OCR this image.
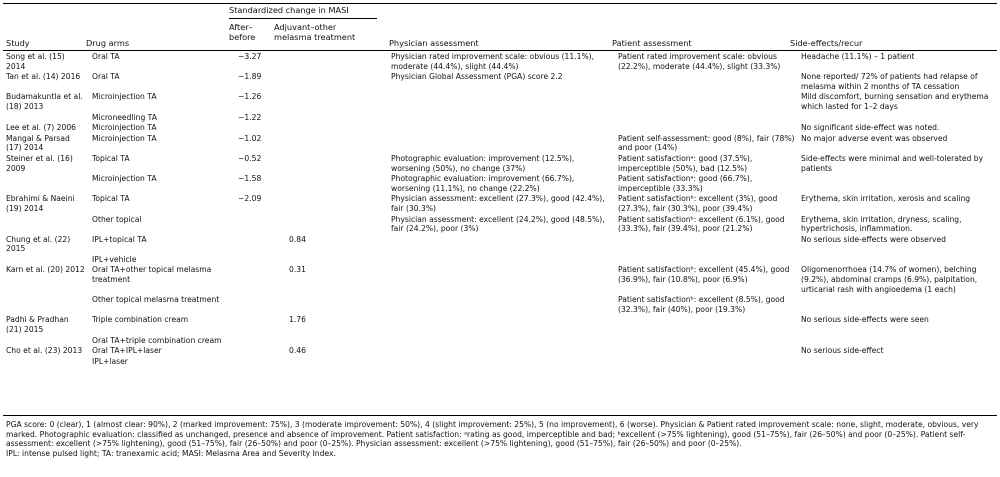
Standardized change in MASI
Study	Drug arms
After– before
Adjuvant–other melasma treatment
Physician assessment	Patient assessment	Side-effects/recur
Song et al. (15) 2014	Oral TA	−3.27		Physician rated improvement scale: obvious (11.1%), moderate (44.4%), slight (44.4%)	Patient rated improvement scale: obvious (22.2%), moderate (44.4%), slight (33.3%)	Headache (11.1%) – 1 patient
Tan et al. (14) 2016	Oral TA	−1.89		Physician Global Assessment (PGA) score 2.2		None reported/ 72% of patients had relapse of melasma within 2 months of TA cessation
Budamakuntla et al. (18) 2013	Microinjection TA	−1.26				Mild discomfort, burning sensation and erythema which lasted for 1–2 days
	Microneedling TA	−1.22				
Lee et al. (7) 2006	Microinjection TA					No significant side-effect was noted.
Mangal & Parsad (17) 2014	Microinjection TA	−1.02			Patient self-assessment: good (8%), fair (78%) and poor (14%)	No major adverse event was observed
Steiner et al. (16) 2009	Topical TA	−0.52		Photographic evaluation: improvement (12.5%), worsening (50%), no change (37%)	Patient satisfactionᵃ: good (37.5%), imperceptible (50%), bad (12.5%)	Side-effects were minimal and well-tolerated by patients
	Microinjection TA	−1.58		Photographic evaluation: improvement (66.7%), worsening (11.1%), no change (22.2%)	Patient satisfactionᵃ: good (66.7%), imperceptible (33.3%)	
Ebrahimi & Naeini (19) 2014	Topical TA	−2.09		Physician assessment: excellent (27.3%), good (42.4%), fair (30.3%)	Patient satisfactionᵇ: excellent (3%), good (27.3%), fair (30.3%), poor (39.4%)	Erythema, skin irritation, xerosis and scaling
	Other topical			Physician assessment: excellent (24.2%), good (48.5%), fair (24.2%), poor (3%)	Patient satisfactionᵇ: excellent (6.1%), good (33.3%), fair (39.4%), poor (21.2%)	Erythema, skin irritation, dryness, scaling, hypertrichosis, inflammation.
Chung et al. (22) 2015	IPL+topical TA		0.84			No serious side-effects were observed
	IPL+vehicle					
Karn et al. (20) 2012	Oral TA+other topical melasma treatment		0.31		Patient satisfactionᵇ: excellent (45.4%), good (36.9%), fair (10.8%), poor (6.9%)	Oligomenorrhoea (14.7% of women), belching (9.2%), abdominal cramps (6.9%), palpitation, urticarial rash with angioedema (1 each)
	Other topical melasma treatment				Patient satisfactionᵇ: excellent (8.5%), good (32.3%), fair (40%), poor (19.3%)	
Padhi & Pradhan (21) 2015	Triple combination cream		1.76			No serious side-effects were seen
	Oral TA+triple combination cream					
Cho et al. (23) 2013	Oral TA+IPL+laser		0.46			No serious side-effect
	IPL+laser					

PGA score: 0 (clear), 1 (almost clear: 90%), 2 (marked improvement: 75%), 3 (moderate improvement: 50%), 4 (slight improvement: 25%), 5 (no improvement), 6 (worse). Physician & Patient rated improvement scale: none, slight, moderate, obvious, very marked. Photographic evaluation: classified as unchanged, presence and absence of improvement. Patient satisfaction: ᵃrating as good, imperceptible and bad; ᵇexcellent (>75% lightening), good (51–75%), fair (26–50%) and poor (0–25%). Patient self-assessment: excellent (>75% lightening), good (51–75%), fair (26–50%) and poor (0–25%). Physician assessment: excellent (>75% lightening), good (51–75%), fair (26–50%) and poor (0–25%).

IPL: intense pulsed light; TA: tranexamic acid; MASI: Melasma Area and Severity Index.
